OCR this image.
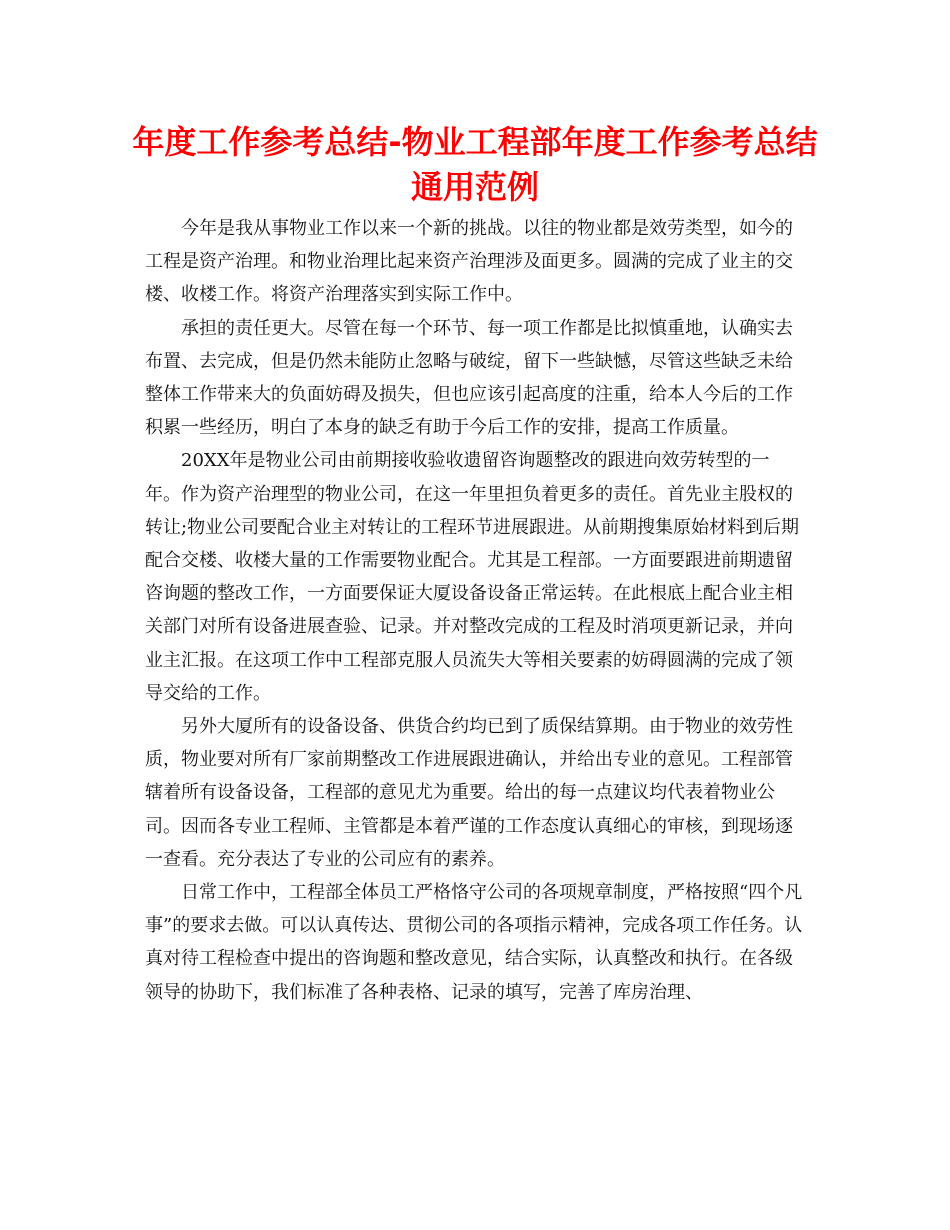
年度工作参考总结-物业工程部年度工作参考总结通用范例

今年是我从事物业工作以来一个新的挑战。以往的物业都是效劳类型，如今的工程是资产治理。和物业治理比起来资产治理涉及面更多。圆满的完成了业主的交楼、收楼工作。将资产治理落实到实际工作中。

承担的责任更大。尽管在每一个环节、每一项工作都是比拟慎重地，认确实去布置、去完成，但是仍然未能防止忽略与破绽，留下一些缺憾，尽管这些缺乏未给整体工作带来大的负面妨碍及损失，但也应该引起高度的注重，给本人今后的工作积累一些经历，明白了本身的缺乏有助于今后工作的安排，提高工作质量。

20XX年是物业公司由前期接收验收遗留咨询题整改的跟进向效劳转型的一年。作为资产治理型的物业公司，在这一年里担负着更多的责任。首先业主股权的转让;物业公司要配合业主对转让的工程环节进展跟进。从前期搜集原始材料到后期配合交楼、收楼大量的工作需要物业配合。尤其是工程部。一方面要跟进前期遗留咨询题的整改工作，一方面要保证大厦设备设备正常运转。在此根底上配合业主相关部门对所有设备进展查验、记录。并对整改完成的工程及时消项更新记录，并向业主汇报。在这项工作中工程部克服人员流失大等相关要素的妨碍圆满的完成了领导交给的工作。

另外大厦所有的设备设备、供货合约均已到了质保结算期。由于物业的效劳性质，物业要对所有厂家前期整改工作进展跟进确认，并给出专业的意见。工程部管辖着所有设备设备，工程部的意见尤为重要。给出的每一点建议均代表着物业公司。因而各专业工程师、主管都是本着严谨的工作态度认真细心的审核，到现场逐一查看。充分表达了专业的公司应有的素养。

日常工作中，工程部全体员工严格恪守公司的各项规章制度，严格按照“四个凡事”的要求去做。可以认真传达、贯彻公司的各项指示精神，完成各项工作任务。认真对待工程检查中提出的咨询题和整改意见，结合实际，认真整改和执行。在各级领导的协助下，我们标准了各种表格、记录的填写，完善了库房治理、
